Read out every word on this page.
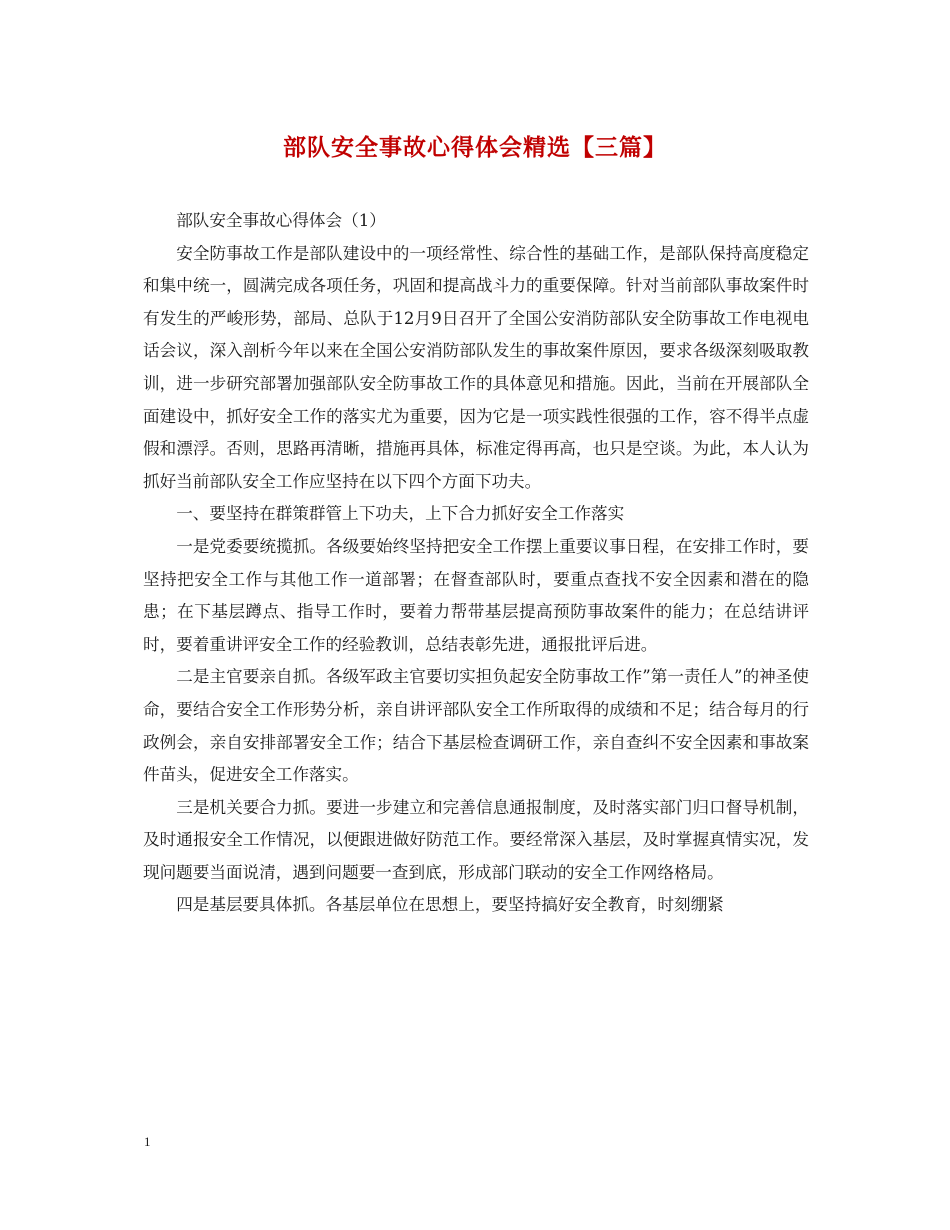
部队安全事故心得体会精选【三篇】

部队安全事故心得体会（1）

安全防事故工作是部队建设中的一项经常性、综合性的基础工作，是部队保持高度稳定和集中统一，圆满完成各项任务，巩固和提高战斗力的重要保障。针对当前部队事故案件时有发生的严峻形势，部局、总队于12月9日召开了全国公安消防部队安全防事故工作电视电话会议，深入剖析今年以来在全国公安消防部队发生的事故案件原因，要求各级深刻吸取教训，进一步研究部署加强部队安全防事故工作的具体意见和措施。因此，当前在开展部队全面建设中，抓好安全工作的落实尤为重要，因为它是一项实践性很强的工作，容不得半点虚假和漂浮。否则，思路再清晰，措施再具体，标准定得再高，也只是空谈。为此，本人认为抓好当前部队安全工作应坚持在以下四个方面下功夫。

一、要坚持在群策群管上下功夫，上下合力抓好安全工作落实

一是党委要统揽抓。各级要始终坚持把安全工作摆上重要议事日程，在安排工作时，要坚持把安全工作与其他工作一道部署；在督查部队时，要重点查找不安全因素和潜在的隐患；在下基层蹲点、指导工作时，要着力帮带基层提高预防事故案件的能力；在总结讲评时，要着重讲评安全工作的经验教训，总结表彰先进，通报批评后进。

二是主官要亲自抓。各级军政主官要切实担负起安全防事故工作”第一责任人”的神圣使命，要结合安全工作形势分析，亲自讲评部队安全工作所取得的成绩和不足；结合每月的行政例会，亲自安排部署安全工作；结合下基层检查调研工作，亲自查纠不安全因素和事故案件苗头，促进安全工作落实。

三是机关要合力抓。要进一步建立和完善信息通报制度，及时落实部门归口督导机制，及时通报安全工作情况，以便跟进做好防范工作。要经常深入基层，及时掌握真情实况，发现问题要当面说清，遇到问题要一查到底，形成部门联动的安全工作网络格局。

四是基层要具体抓。各基层单位在思想上，要坚持搞好安全教育，时刻绷紧

1
